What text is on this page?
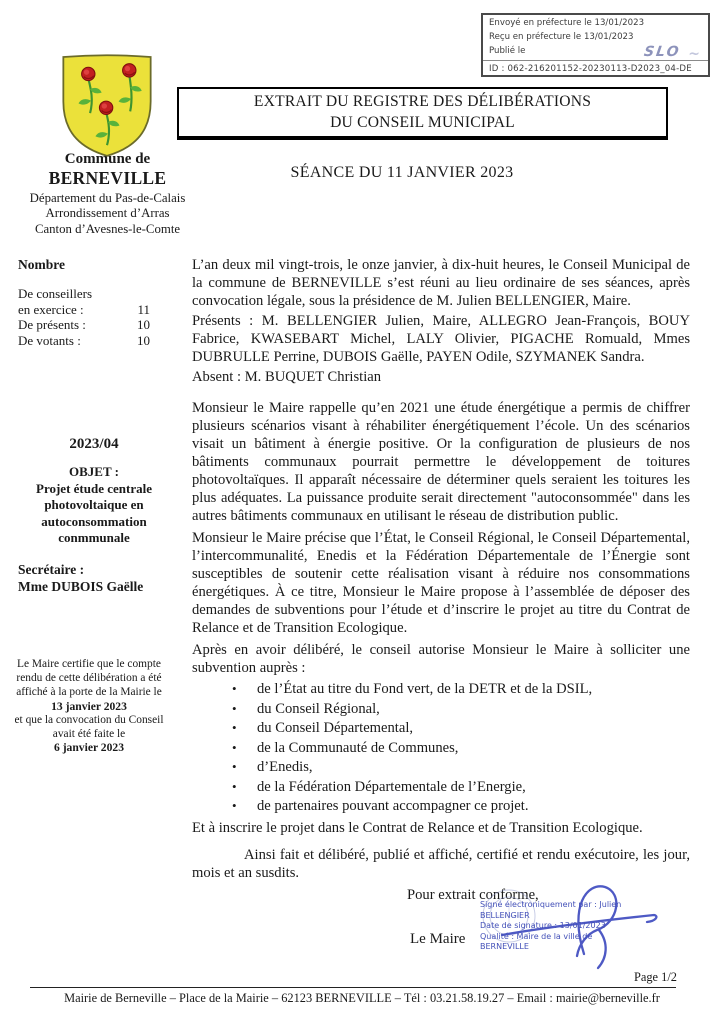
Envoyé en préfecture le 13/01/2023
Reçu en préfecture le 13/01/2023
Publié le	SLO ~
ID : 062-216201152-20230113-D2023_04-DE
Commune de
BERNEVILLE
Département du Pas-de-Calais
Arrondissement d’Arras
Canton d’Avesnes-le-Comte
EXTRAIT DU REGISTRE DES DÉLIBÉRATIONS
DU CONSEIL MUNICIPAL
SÉANCE DU 11 JANVIER 2023
Nombre
De conseillers
en exercice :	11
De présents :	10
De votants :	10
2023/04
OBJET :
Projet étude centrale
photovoltaique en
autoconsommation
conmmunale
Secrétaire :
Mme DUBOIS Gaëlle
Le Maire certifie que le compte rendu de cette délibération a été affiché à la porte de la Mairie le
13 janvier 2023
et que la convocation du Conseil avait été faite le
6 janvier 2023

L’an deux mil vingt-trois, le onze janvier, à dix-huit heures, le Conseil Municipal de la commune de BERNEVILLE s’est réuni au lieu ordinaire de ses séances, après convocation légale, sous la présidence de M. Julien BELLENGIER, Maire.

Présents : M. BELLENGIER Julien, Maire, ALLEGRO Jean-François, BOUY Fabrice, KWASEBART Michel, LALY Olivier, PIGACHE Romuald, Mmes DUBRULLE Perrine, DUBOIS Gaëlle, PAYEN Odile, SZYMANEK Sandra.

Absent : M. BUQUET Christian

Monsieur le Maire rappelle qu’en 2021 une étude énergétique a permis de chiffrer plusieurs scénarios visant à réhabiliter énergétiquement l’école. Un des scénarios visait un bâtiment à énergie positive. Or la configuration de plusieurs de nos bâtiments communaux pourrait permettre le développement de toitures photovoltaïques. Il apparaît nécessaire de déterminer quels seraient les toitures les plus adéquates. La puissance produite serait directement "autoconsommée" dans les autres bâtiments communaux en utilisant le réseau de distribution public.

Monsieur le Maire précise que l’État, le Conseil Régional, le Conseil Départemental, l’intercommunalité, Enedis et la Fédération Départementale de l’Énergie sont susceptibles de soutenir cette réalisation visant à réduire nos consommations énergétiques. À ce titre, Monsieur le Maire propose à l’assemblée de déposer des demandes de subventions pour l’étude et d’inscrire le projet au titre du Contrat de Relance et de Transition Ecologique.

Après en avoir délibéré, le conseil autorise Monsieur le Maire à solliciter une subvention auprès :

• de l’État au titre du Fond vert, de la DETR et de la DSIL,
• du Conseil Régional,
• du Conseil Départemental,
• de la Communauté de Communes,
• d’Enedis,
• de la Fédération Départementale de l’Energie,
• de partenaires pouvant accompagner ce projet.

Et à inscrire le projet dans le Contrat de Relance et de Transition Ecologique.

Ainsi fait et délibéré, publié et affiché, certifié et rendu exécutoire, les jour, mois et an susdits.

Pour extrait conforme,
Le Maire
Signé électroniquement par : Julien
BELLENGIER
Date de signature : 13/01/2023
Qualité : Maire de la ville de
BERNEVILLE
Page 1/2
Mairie de Berneville – Place de la Mairie – 62123 BERNEVILLE – Tél : 03.21.58.19.27 – Email : mairie@berneville.fr
